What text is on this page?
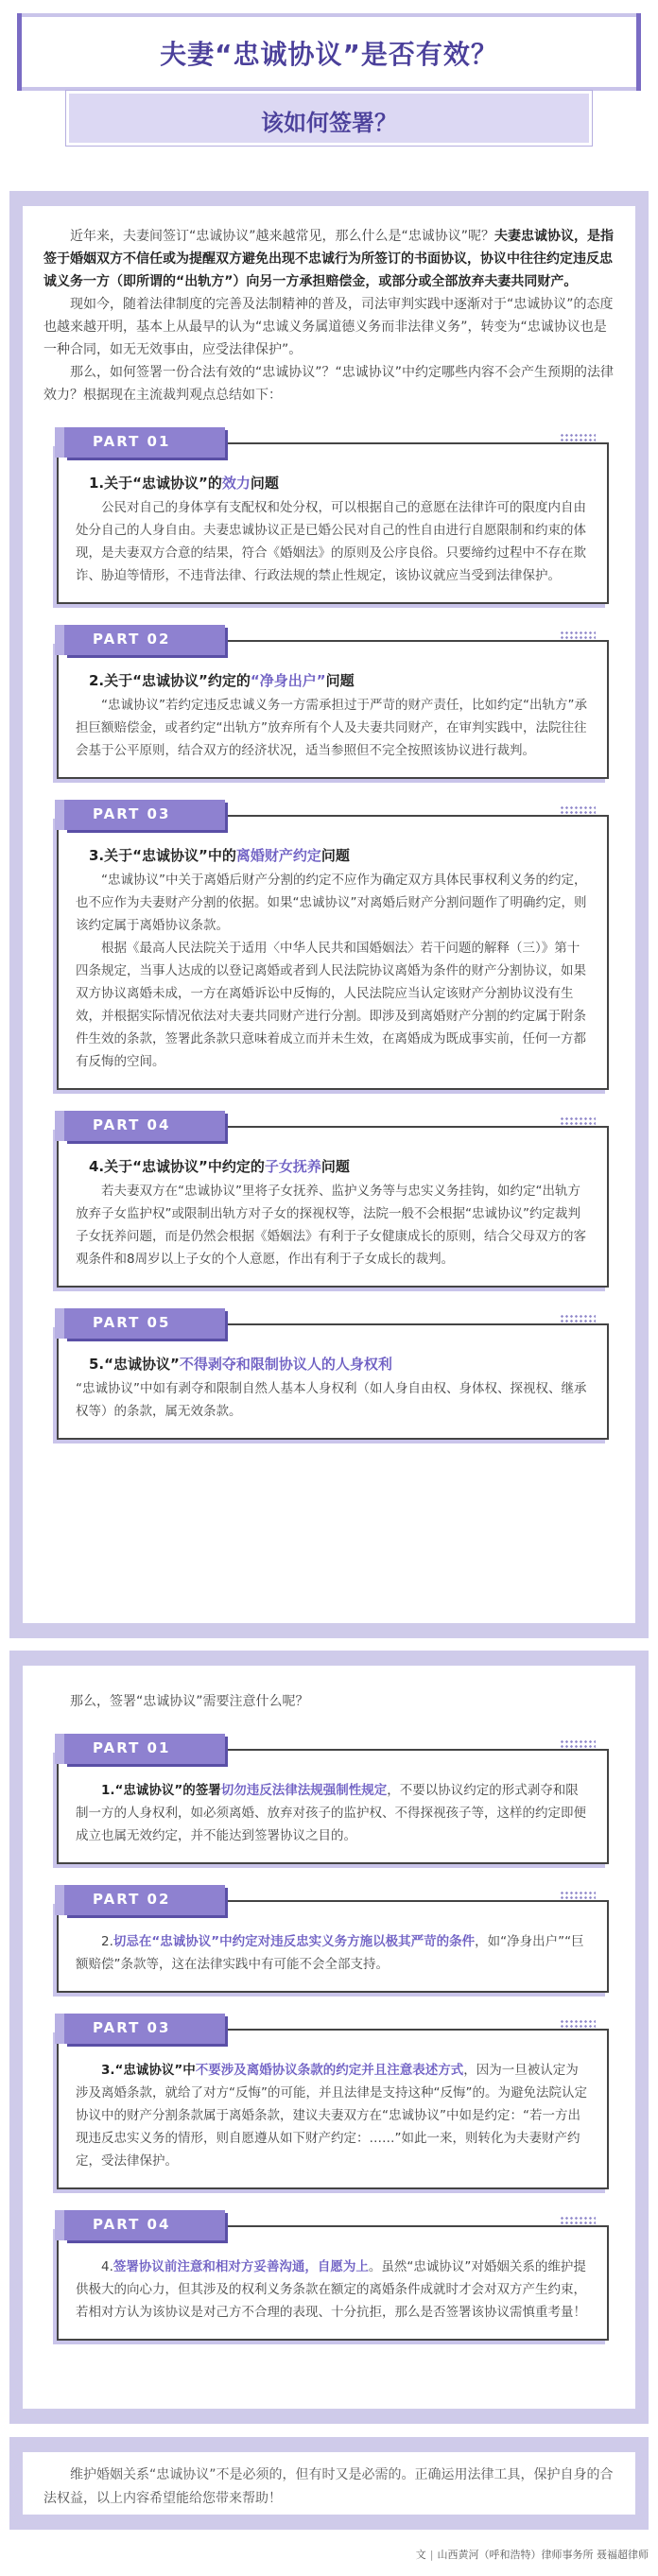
夫妻“忠诚协议”是否有效？
该如何签署？

近年来，夫妻间签订“忠诚协议”越来越常见，那么什么是“忠诚协议”呢？夫妻忠诚协议，是指签于婚姻双方不信任或为提醒双方避免出现不忠诚行为所签订的书面协议，协议中往往约定违反忠诚义务一方（即所谓的“出轨方”）向另一方承担赔偿金，或部分或全部放弃夫妻共同财产。

现如今，随着法律制度的完善及法制精神的普及，司法审判实践中逐渐对于“忠诚协议”的态度也越来越开明，基本上从最早的认为“忠诚义务属道德义务而非法律义务”，转变为“忠诚协议也是一种合同，如无无效事由，应受法律保护”。

那么，如何签署一份合法有效的“忠诚协议”？“忠诚协议”中约定哪些内容不会产生预期的法律效力？根据现在主流裁判观点总结如下：

PART 01
1.关于“忠诚协议”的效力问题

公民对自己的身体享有支配权和处分权，可以根据自己的意愿在法律许可的限度内自由处分自己的人身自由。夫妻忠诚协议正是已婚公民对自己的性自由进行自愿限制和约束的体现，是夫妻双方合意的结果，符合《婚姻法》的原则及公序良俗。只要缔约过程中不存在欺诈、胁迫等情形，不违背法律、行政法规的禁止性规定，该协议就应当受到法律保护。

PART 02
2.关于“忠诚协议”约定的“净身出户”问题

“忠诚协议”若约定违反忠诚义务一方需承担过于严苛的财产责任，比如约定“出轨方”承担巨额赔偿金，或者约定“出轨方”放弃所有个人及夫妻共同财产，在审判实践中，法院往往会基于公平原则，结合双方的经济状况，适当参照但不完全按照该协议进行裁判。

PART 03
3.关于“忠诚协议”中的离婚财产约定问题

“忠诚协议”中关于离婚后财产分割的约定不应作为确定双方具体民事权利义务的约定，也不应作为夫妻财产分割的依据。如果“忠诚协议”对离婚后财产分割问题作了明确约定，则该约定属于离婚协议条款。

根据《最高人民法院关于适用〈中华人民共和国婚姻法〉若干问题的解释（三）》第十四条规定，当事人达成的以登记离婚或者到人民法院协议离婚为条件的财产分割协议，如果双方协议离婚未成，一方在离婚诉讼中反悔的，人民法院应当认定该财产分割协议没有生效，并根据实际情况依法对夫妻共同财产进行分割。即涉及到离婚财产分割的约定属于附条件生效的条款，签署此条款只意味着成立而并未生效，在离婚成为既成事实前，任何一方都有反悔的空间。

PART 04
4.关于“忠诚协议”中约定的子女抚养问题

若夫妻双方在“忠诚协议”里将子女抚养、监护义务等与忠实义务挂钩，如约定“出轨方放弃子女监护权”或限制出轨方对子女的探视权等，法院一般不会根据“忠诚协议”约定裁判子女抚养问题，而是仍然会根据《婚姻法》有利于子女健康成长的原则，结合父母双方的客观条件和8周岁以上子女的个人意愿，作出有利于子女成长的裁判。

PART 05
5.“忠诚协议”不得剥夺和限制协议人的人身权利

“忠诚协议”中如有剥夺和限制自然人基本人身权利（如人身自由权、身体权、探视权、继承权等）的条款，属无效条款。

那么，签署“忠诚协议”需要注意什么呢？

PART 01

1.“忠诚协议”的签署切勿违反法律法规强制性规定，不要以协议约定的形式剥夺和限制一方的人身权利，如必须离婚、放弃对孩子的监护权、不得探视孩子等，这样的约定即便成立也属无效约定，并不能达到签署协议之目的。

PART 02

2.切忌在“忠诚协议”中约定对违反忠实义务方施以极其严苛的条件，如“净身出户”“巨额赔偿”条款等，这在法律实践中有可能不会全部支持。

PART 03

3.“忠诚协议”中不要涉及离婚协议条款的约定并且注意表述方式，因为一旦被认定为涉及离婚条款，就给了对方“反悔”的可能，并且法律是支持这种“反悔”的。为避免法院认定协议中的财产分割条款属于离婚条款，建议夫妻双方在“忠诚协议”中如是约定：“若一方出现违反忠实义务的情形，则自愿遵从如下财产约定：……”如此一来，则转化为夫妻财产约定，受法律保护。

PART 04

4.签署协议前注意和相对方妥善沟通，自愿为上。虽然“忠诚协议”对婚姻关系的维护提供极大的向心力，但其涉及的权利义务条款在额定的离婚条件成就时才会对双方产生约束，若相对方认为该协议是对己方不合理的表现、十分抗拒，那么是否签署该协议需慎重考量！

维护婚姻关系“忠诚协议”不是必须的，但有时又是必需的。正确运用法律工具，保护自身的合法权益，以上内容希望能给您带来帮助！

文 | 山西黄河（呼和浩特）律师事务所 聂福超律师
